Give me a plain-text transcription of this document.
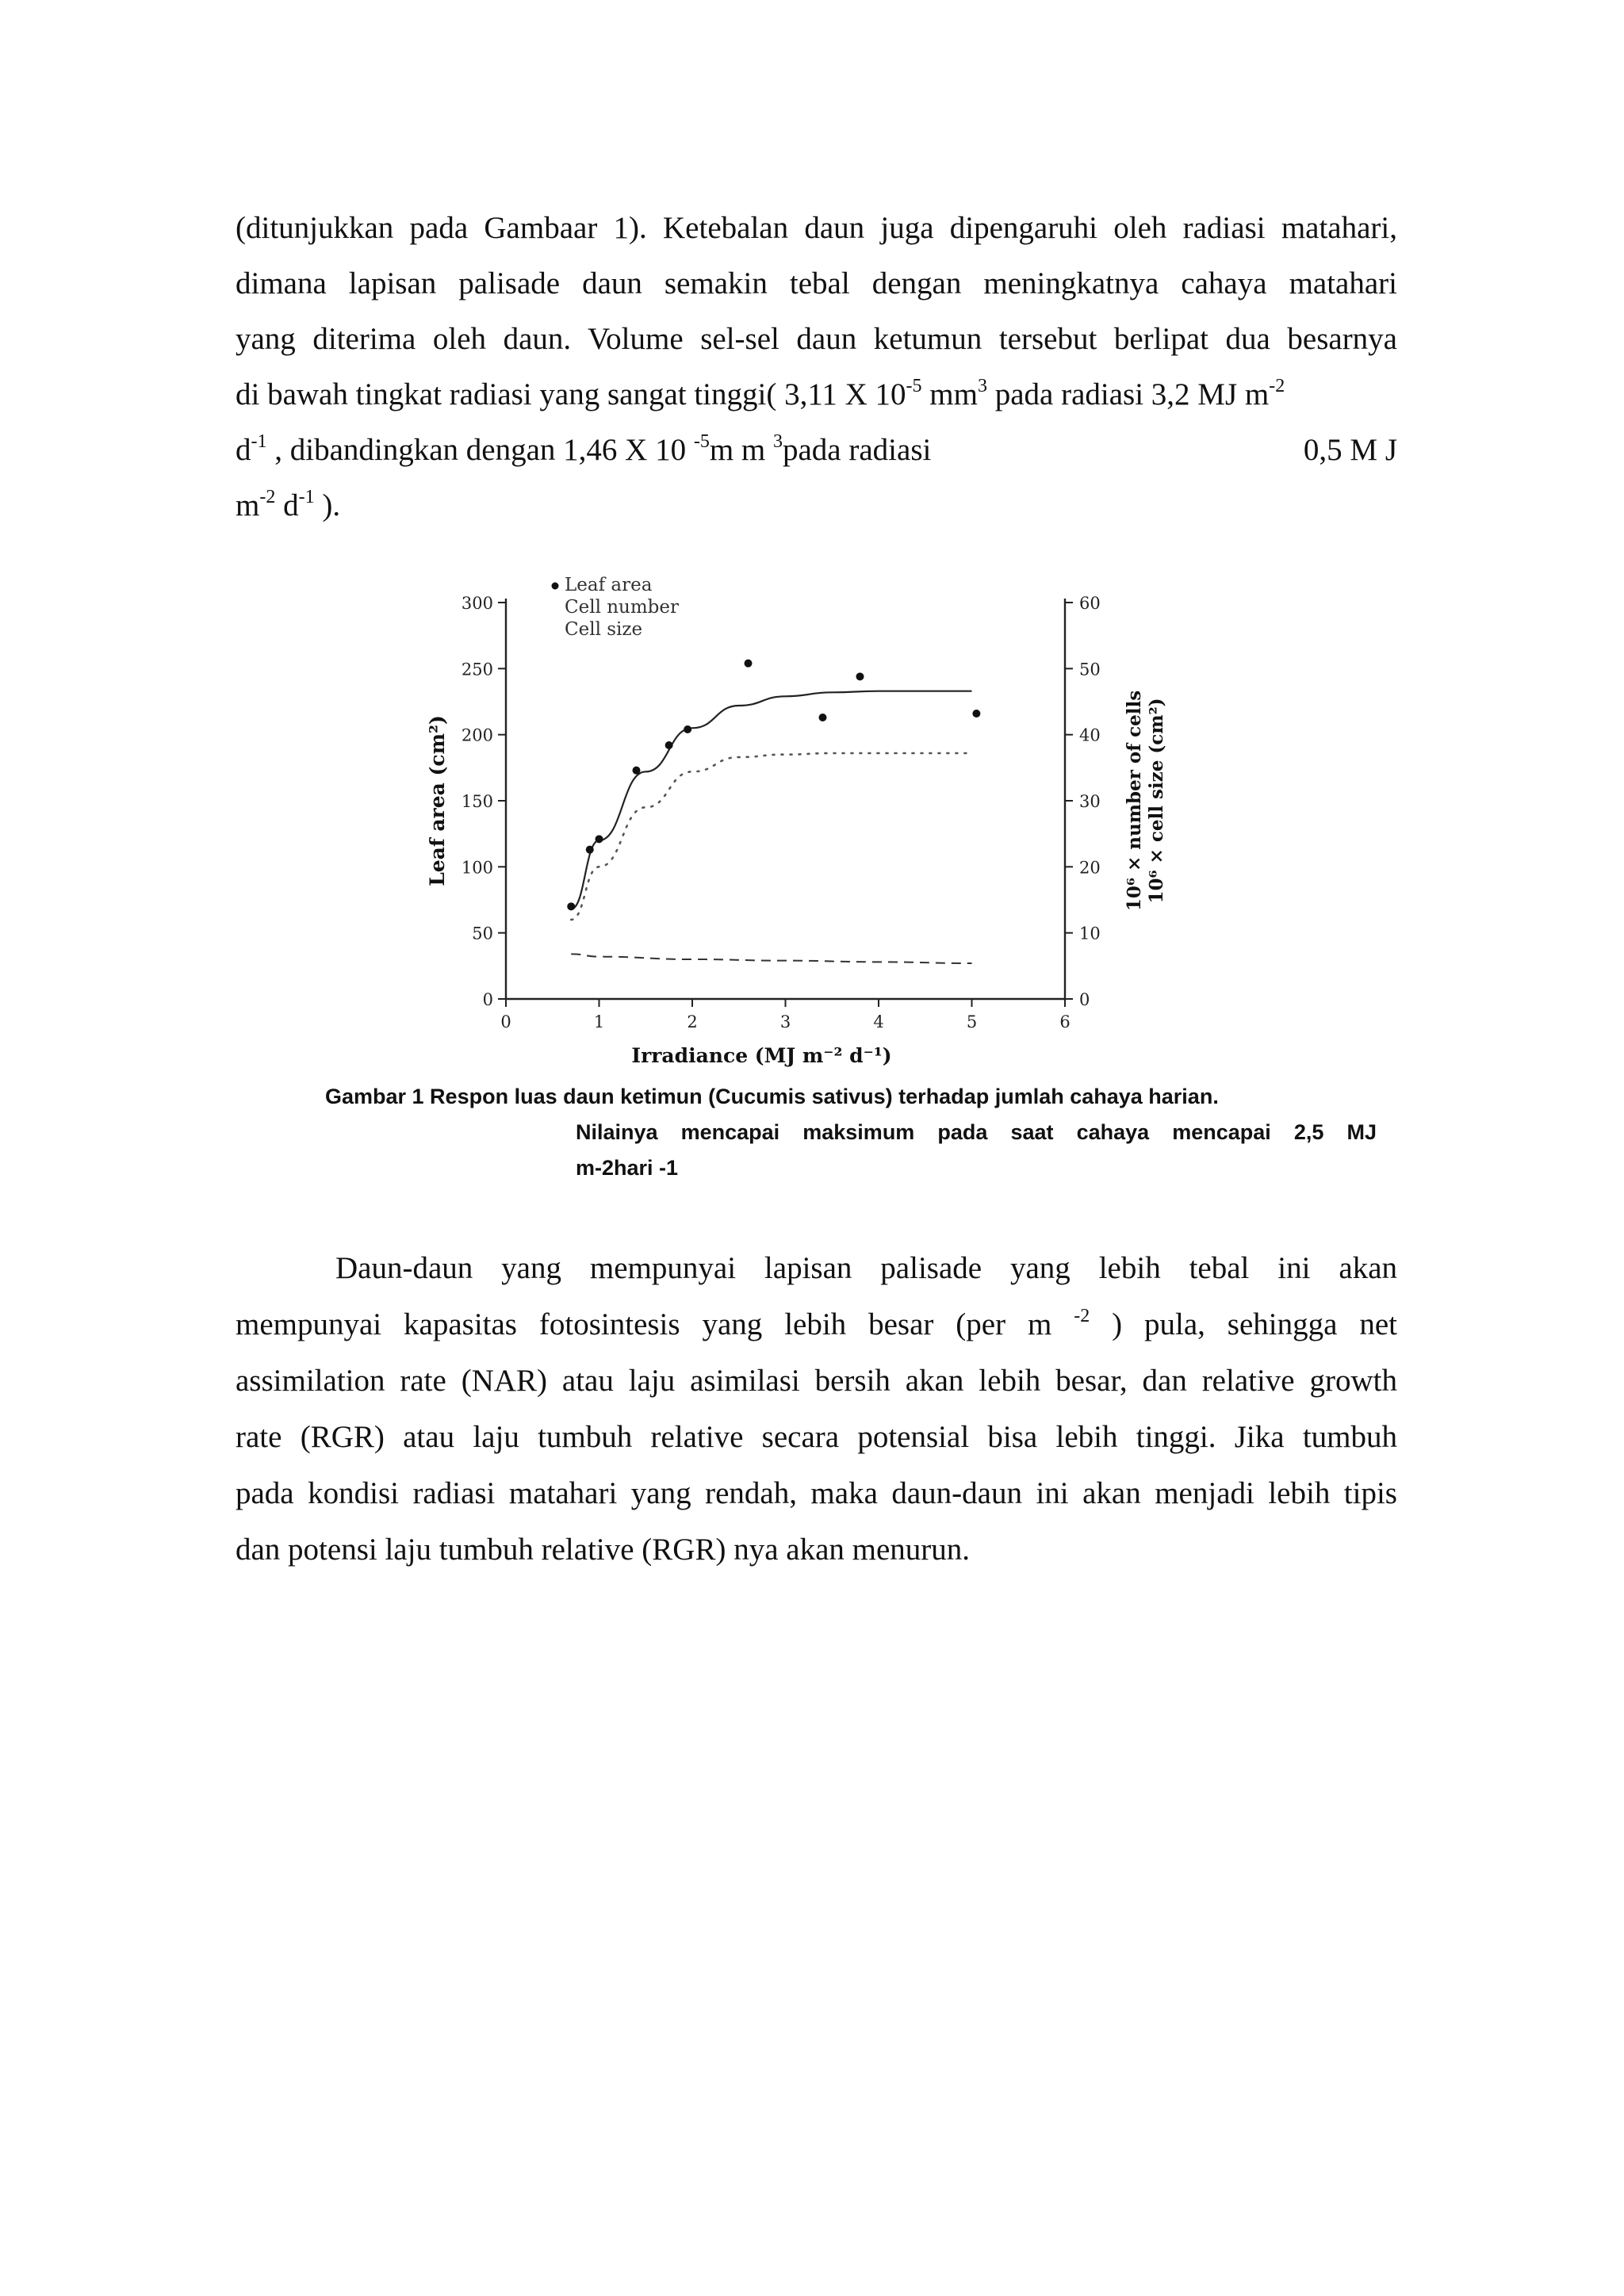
(ditunjukkan pada Gambaar 1). Ketebalan daun juga dipengaruhi oleh radiasi matahari,
dimana lapisan palisade daun semakin tebal dengan meningkatnya cahaya matahari
yang diterima oleh daun. Volume sel-sel daun ketumun tersebut berlipat dua besarnya
di bawah tingkat radiasi yang sangat tinggi( 3,11 X $10^{-5}$ $mm^3$ pada radiasi 3,2 MJ $m^{-2}$
$d^{-1}$ , dibandingkan dengan 1,46 X 10 $^{-5}$m m $^3$pada radiasi	0,5 M J
$m^{-2}$ $d^{-1}$ ).
0
50
100
150
200
250
300
0
10
20
30
40
50
60
0	1	2	3	4	5	6
Leaf area
Cell number
Cell size
Irradiance (MJ m⁻² d⁻¹)
Leaf area (cm²)	10⁶ × number of cells 10⁶ × cell size (cm²)

Gambar 1 Respon luas daun ketimun (Cucumis sativus) terhadap jumlah cahaya harian.

Nilainya mencapai maksimum pada saat cahaya mencapai 2,5 MJ

m-2hari -1

Daun-daun yang mempunyai lapisan palisade yang lebih tebal ini akan
mempunyai kapasitas fotosintesis yang lebih besar (per m $^{-2}$ ) pula, sehingga net
assimilation rate (NAR) atau laju asimilasi bersih akan lebih besar, dan relative growth
rate (RGR) atau laju tumbuh relative secara potensial bisa lebih tinggi. Jika tumbuh
pada kondisi radiasi matahari yang rendah, maka daun-daun ini akan menjadi lebih tipis
dan potensi laju tumbuh relative (RGR) nya akan menurun.
